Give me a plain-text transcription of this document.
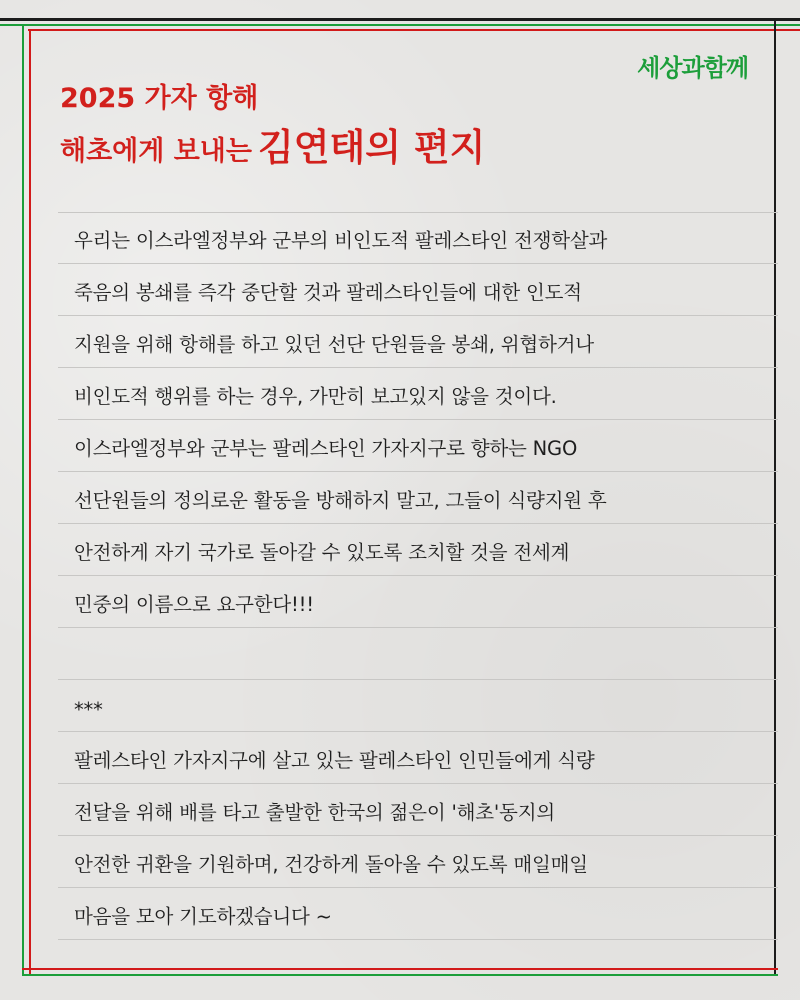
세상과함께
2025 가자 항해
해초에게 보내는 김연태의 편지
우리는 이스라엘정부와 군부의 비인도적 팔레스타인 전쟁학살과
죽음의 봉쇄를 즉각 중단할 것과 팔레스타인들에 대한 인도적
지원을 위해 항해를 하고 있던 선단 단원들을 봉쇄, 위협하거나
비인도적 행위를 하는 경우, 가만히 보고있지 않을 것이다.
이스라엘정부와 군부는 팔레스타인 가자지구로 향하는 NGO
선단원들의 정의로운 활동을 방해하지 말고, 그들이 식량지원 후
안전하게 자기 국가로 돌아갈 수 있도록 조치할 것을 전세계
민중의 이름으로 요구한다!!!
***
팔레스타인 가자지구에 살고 있는 팔레스타인 인민들에게 식량
전달을 위해 배를 타고 출발한 한국의 젊은이 '해초'동지의
안전한 귀환을 기원하며, 건강하게 돌아올 수 있도록 매일매일
마음을 모아 기도하겠습니다 ~
